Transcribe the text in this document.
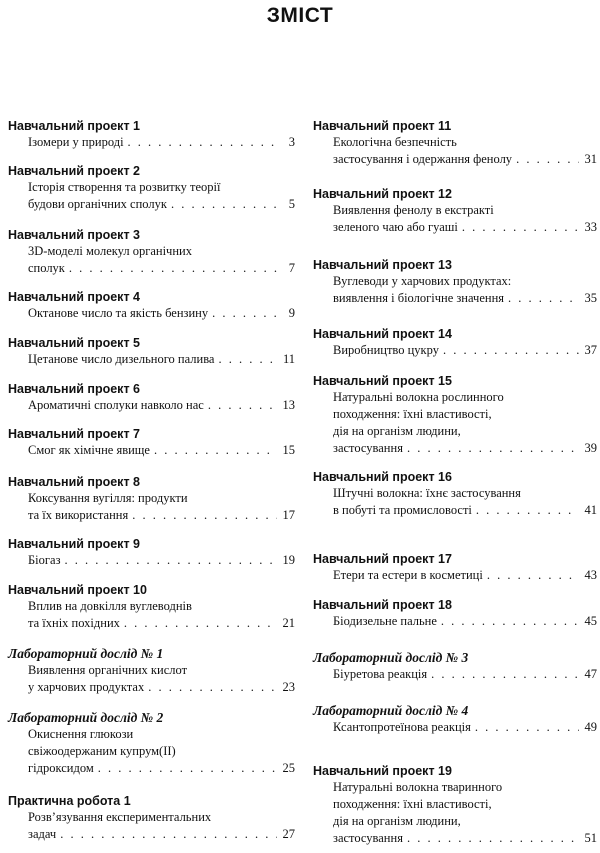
ЗМІСТ
Навчальний проект 1
Ізомери у природі . . .	3
Навчальний проект 2
Історія створення та розвитку теорії
будови органічних сполук . . .	5
Навчальний проект 3
3D-моделі молекул органічних
сполук . . .	7
Навчальний проект 4
Октанове число та якість бензину . . .	9
Навчальний проект 5
Цетанове число дизельного палива . . .	11
Навчальний проект 6
Ароматичні сполуки навколо нас . . .	13
Навчальний проект 7
Смог як хімічне явище . . .	15
Навчальний проект 8
Коксування вугілля: продукти
та їх використання . . .	17
Навчальний проект 9
Біогаз . . .	19
Навчальний проект 10
Вплив на довкілля вуглеводнів
та їхніх похідних . . .	21
Лабораторний дослід № 1
Виявлення органічних кислот
у харчових продуктах . . .	23
Лабораторний дослід № 2
Окиснення глюкози
свіжоодержаним купрум(ІІ)
гідроксидом . . .	25
Практична робота 1
Розв’язування експериментальних
задач . . .	27
Навчальний проект 11
Екологічна безпечність
застосування і одержання фенолу . . .	31
Навчальний проект 12
Виявлення фенолу в екстракті
зеленого чаю або гуаші . . .	33
Навчальний проект 13
Вуглеводи у харчових продуктах:
виявлення і біологічне значення . . .	35
Навчальний проект 14
Виробництво цукру . . .	37
Навчальний проект 15
Натуральні волокна рослинного
походження: їхні властивості,
дія на організм людини,
застосування . . .	39
Навчальний проект 16
Штучні волокна: їхнє застосування
в побуті та промисловості . . .	41
Навчальний проект 17
Етери та естери в косметиці . . .	43
Навчальний проект 18
Біодизельне пальне . . .	45
Лабораторний дослід № 3
Біуретова реакція . . .	47
Лабораторний дослід № 4
Ксантопротеїнова реакція . . .	49
Навчальний проект 19
Натуральні волокна тваринного
походження: їхні властивості,
дія на організм людини,
застосування . . .	51
